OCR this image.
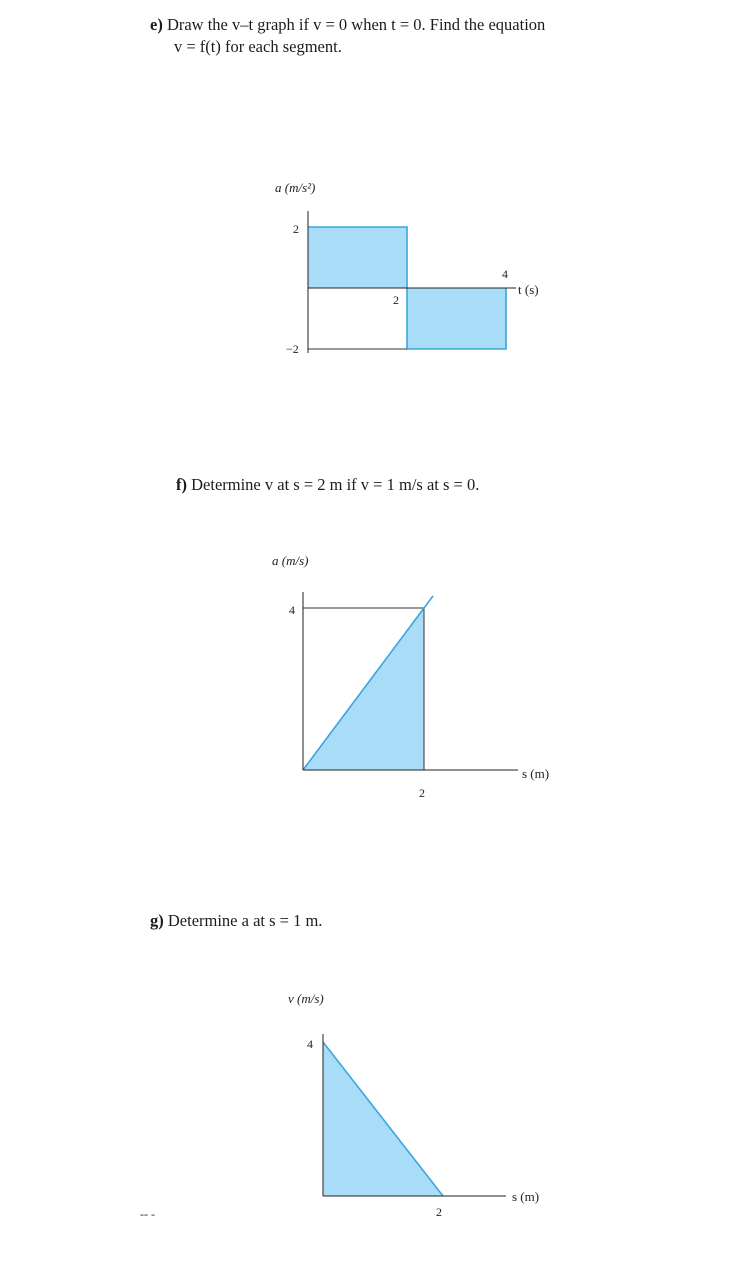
e) Draw the v–t graph if v = 0 when t = 0. Find the equation
v = f(t) for each segment.
f) Determine v at s = 2 m if v = 1 m/s at s = 0.
g) Determine a at s = 1 m.
a (m/s²)
t (s)
2
−2
2
4
a (m/s)
s (m)
4
2
v (m/s)
s (m)
4
2
‐‐ ‐
